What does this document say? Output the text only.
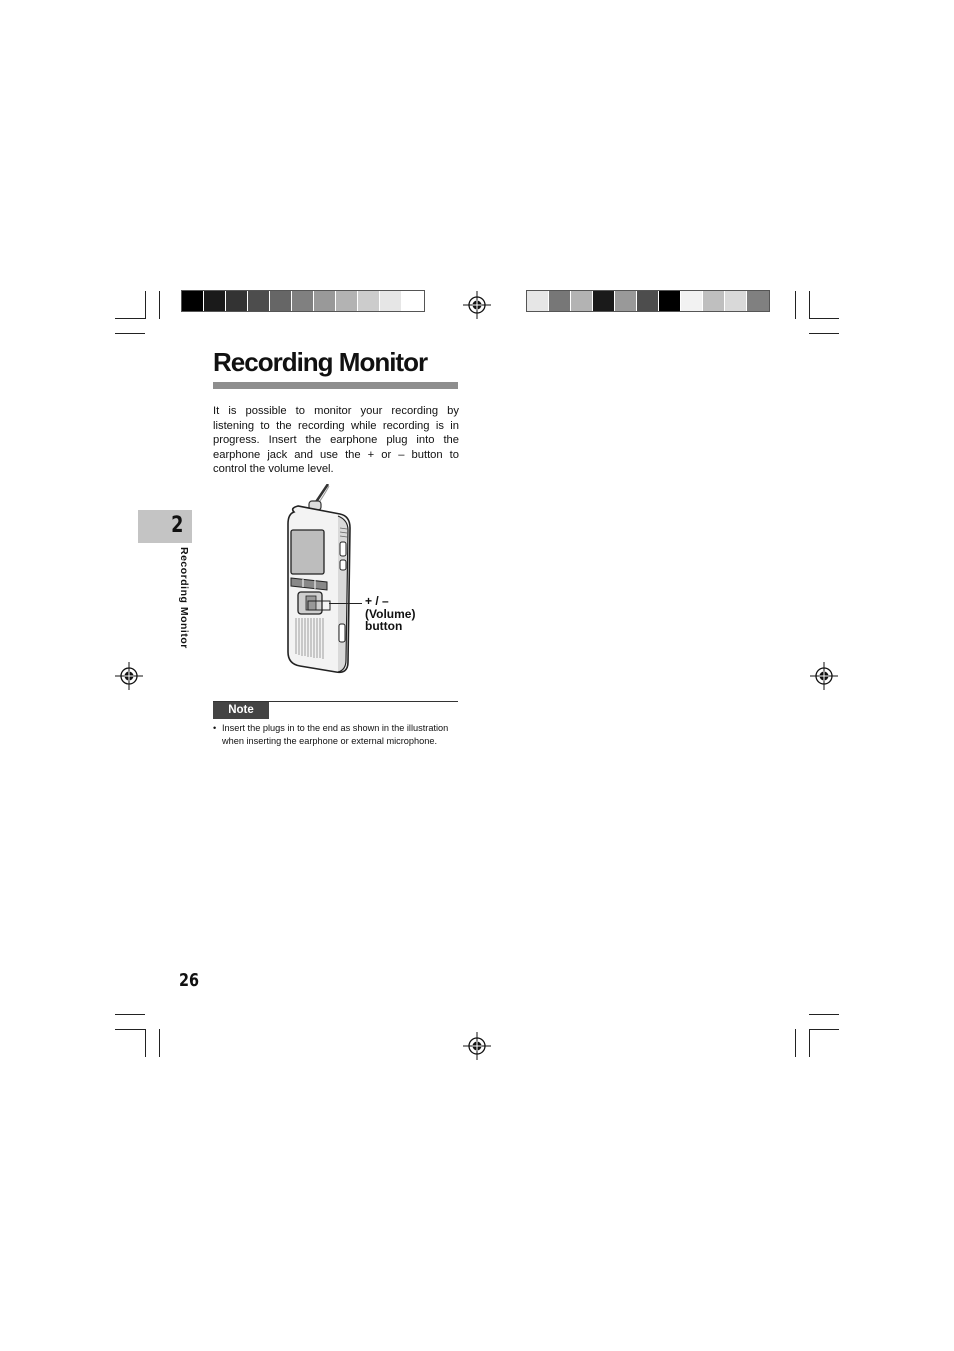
Recording Monitor

It is possible to monitor your recording by listening to the recording while recording is in progress. Insert the earphone plug into the earphone jack and use the + or – button to control the volume level.

2
Recording Monitor	+ / –
(Volume)
button
Note
• Insert the plugs in to the end as shown in the illustration when inserting the earphone or external microphone.
26
